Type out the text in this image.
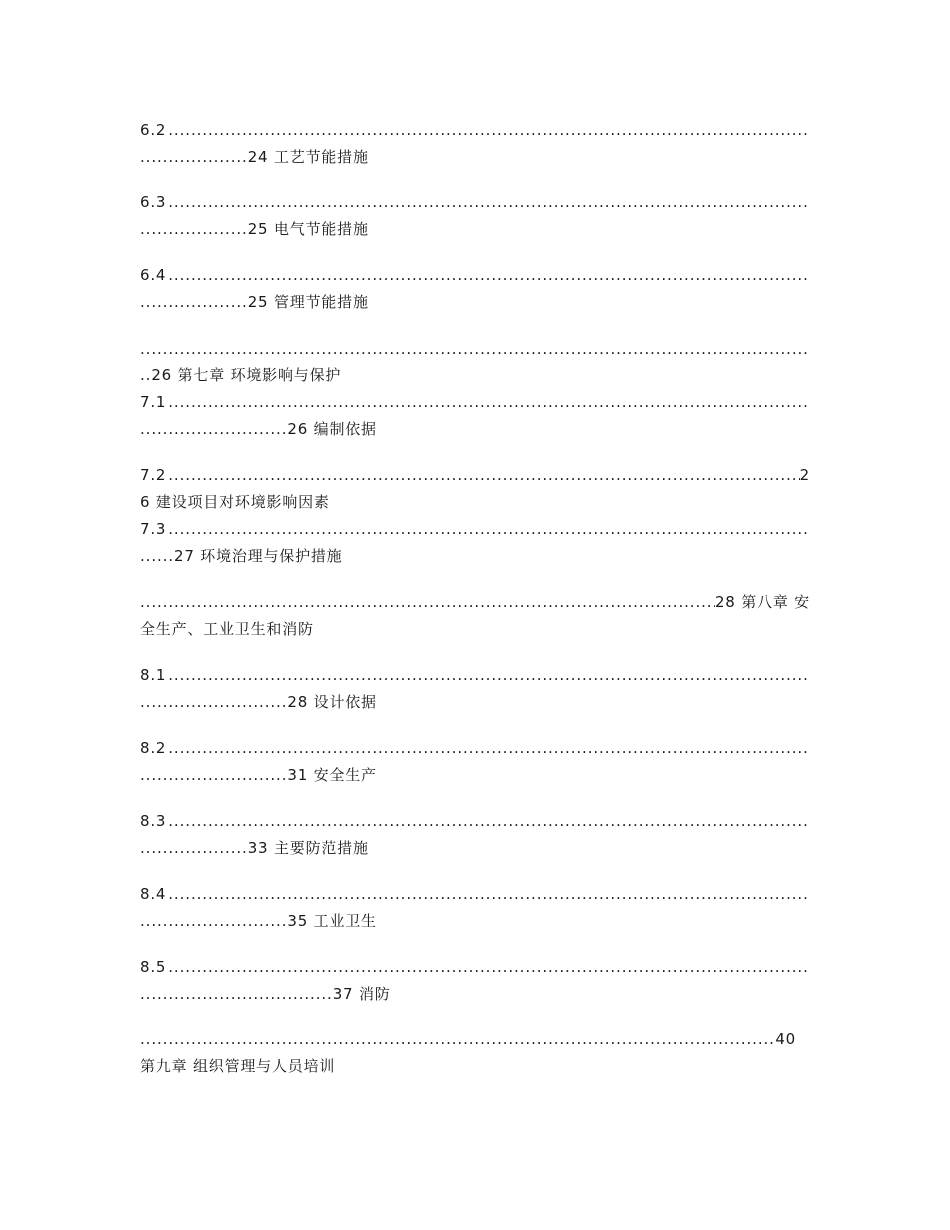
6.2
.....
................... 24
工艺节能措施
6.3
.....
................... 25
电气节能措施
6.4
.....
................... 25
管理节能措施
.....
.. 26
第七章 环境影响与保护
7.1
.....
.......................... 26
编制依据
7.2 .....	2
6
建设项目对环境影响因素
7.3
.....
...... 27
环境治理与保护措施
.....
28 第八章 安
全生产、工业卫生和消防
8.1
.....
.......................... 28
设计依据
8.2
.....
.......................... 31
安全生产
8.3
.....
................... 33
主要防范措施
8.4
.....
.......................... 35
工业卫生
8.5
.....
.................................. 37
消防
.....
40
第九章 组织管理与人员培训
